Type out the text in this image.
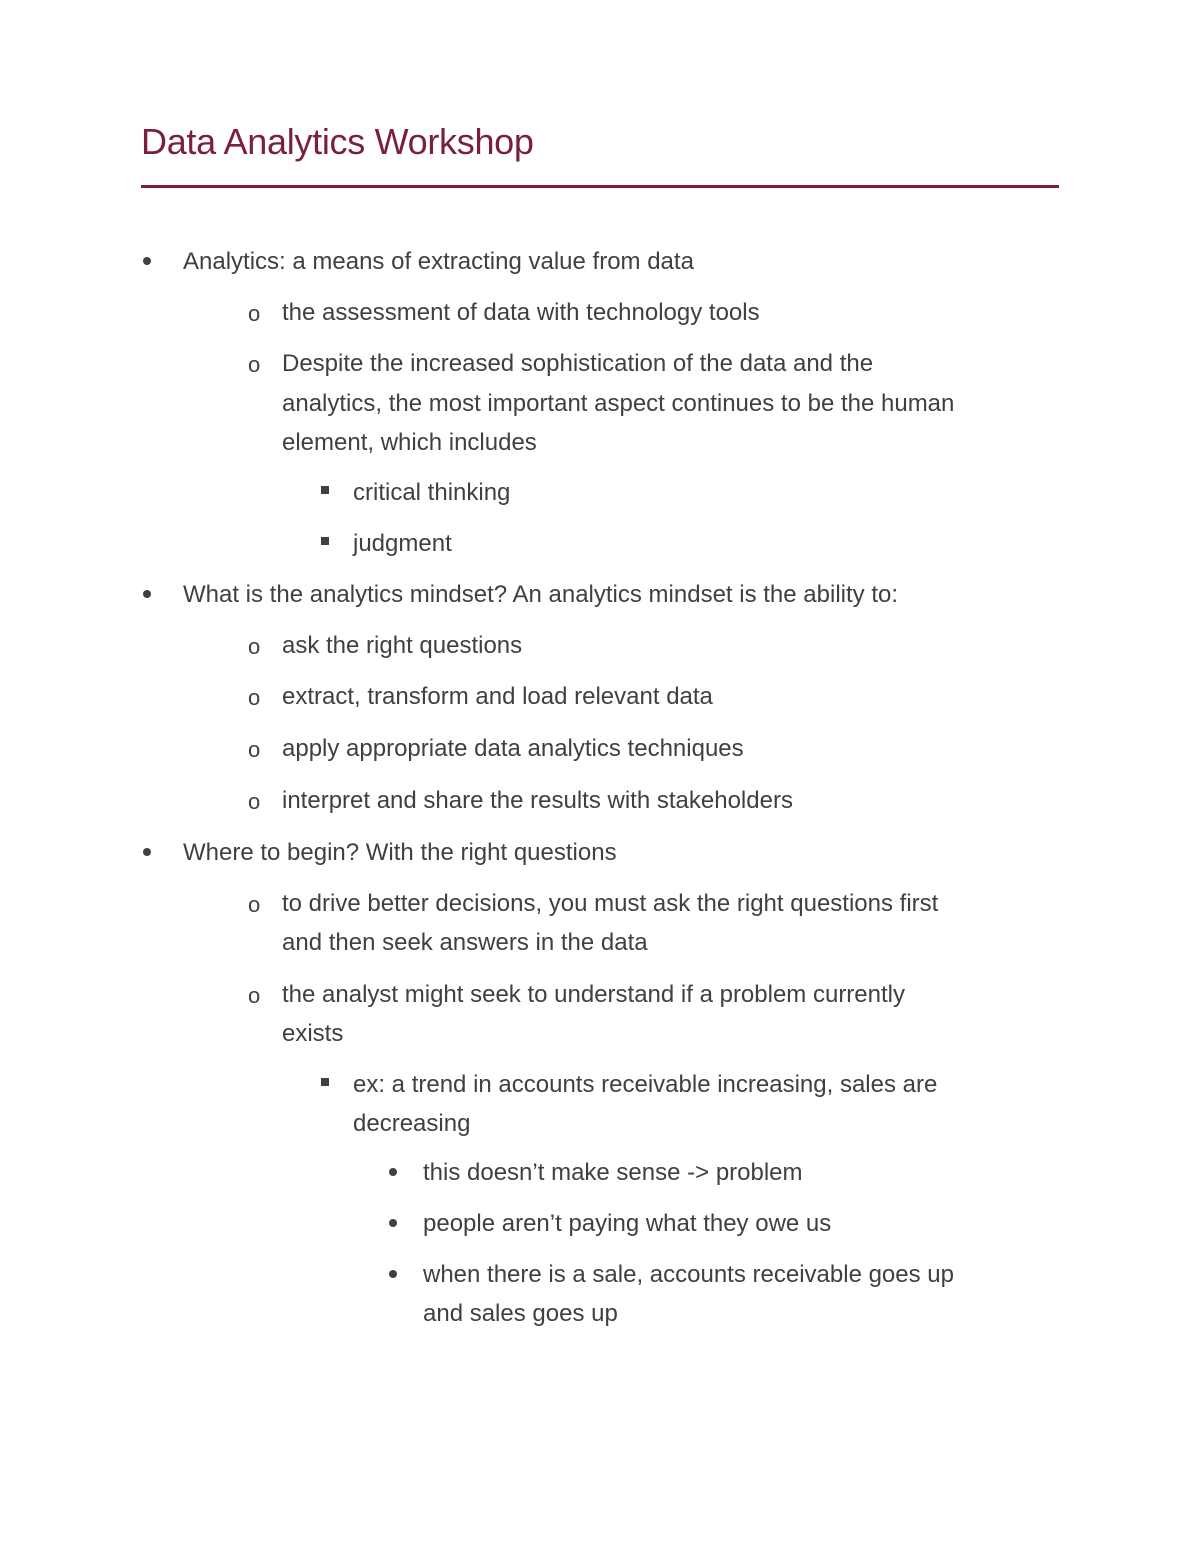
Data Analytics Workshop
Analytics: a means of extracting value from data
o the assessment of data with technology tools
o Despite the increased sophistication of the data and the
analytics, the most important aspect continues to be the human
element, which includes
critical thinking
judgment
What is the analytics mindset? An analytics mindset is the ability to:
o ask the right questions
o extract, transform and load relevant data
o apply appropriate data analytics techniques
o interpret and share the results with stakeholders
Where to begin? With the right questions
o to drive better decisions, you must ask the right questions first
and then seek answers in the data
o the analyst might seek to understand if a problem currently
exists
ex: a trend in accounts receivable increasing, sales are
decreasing
this doesn’t make sense -> problem
people aren’t paying what they owe us
when there is a sale, accounts receivable goes up
and sales goes up
